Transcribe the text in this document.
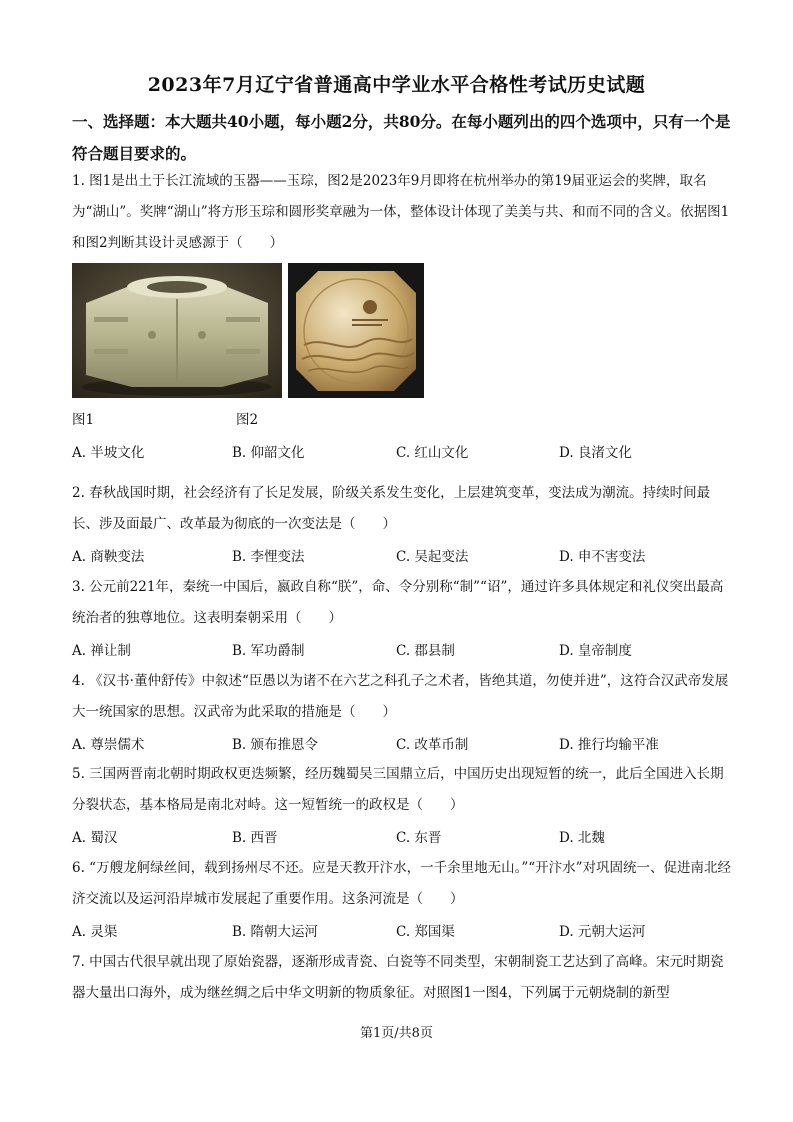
2023年7月辽宁省普通高中学业水平合格性考试历史试题
一、选择题：本大题共40小题，每小题2分，共80分。在每小题列出的四个选项中，只有一个是符合题目要求的。
1. 图1是出土于长江流域的玉器——玉琮，图2是2023年9月即将在杭州举办的第19届亚运会的奖牌，取名为“湖山”。奖牌“湖山”将方形玉琮和圆形奖章融为一体，整体设计体现了美美与共、和而不同的含义。依据图1和图2判断其设计灵感源于（　　）
图1	图2
A. 半坡文化	B. 仰韶文化	C. 红山文化	D. 良渚文化
2. 春秋战国时期，社会经济有了长足发展，阶级关系发生变化，上层建筑变革，变法成为潮流。持续时间最长、涉及面最广、改革最为彻底的一次变法是（　　）
A. 商鞅变法	B. 李悝变法	C. 吴起变法	D. 申不害变法
3. 公元前221年，秦统一中国后，嬴政自称“朕”，命、令分别称“制”“诏”，通过许多具体规定和礼仪突出最高统治者的独尊地位。这表明秦朝采用（　　）
A. 禅让制	B. 军功爵制	C. 郡县制	D. 皇帝制度
4. 《汉书·董仲舒传》中叙述“臣愚以为诸不在六艺之科孔子之术者，皆绝其道，勿使并进”，这符合汉武帝发展大一统国家的思想。汉武帝为此采取的措施是（　　）
A. 尊崇儒术	B. 颁布推恩令	C. 改革币制	D. 推行均输平准
5. 三国两晋南北朝时期政权更迭频繁，经历魏蜀吴三国鼎立后，中国历史出现短暂的统一，此后全国进入长期分裂状态，基本格局是南北对峙。这一短暂统一的政权是（　　）
A. 蜀汉	B. 西晋	C. 东晋	D. 北魏
6. “万艘龙舸绿丝间，载到扬州尽不还。应是天教开汴水，一千余里地无山。”“开汴水”对巩固统一、促进南北经济交流以及运河沿岸城市发展起了重要作用。这条河流是（　　）
A. 灵渠	B. 隋朝大运河	C. 郑国渠	D. 元朝大运河
7. 中国古代很早就出现了原始瓷器，逐渐形成青瓷、白瓷等不同类型，宋朝制瓷工艺达到了高峰。宋元时期瓷器大量出口海外，成为继丝绸之后中华文明新的物质象征。对照图1一图4，下列属于元朝烧制的新型
第1页/共8页
